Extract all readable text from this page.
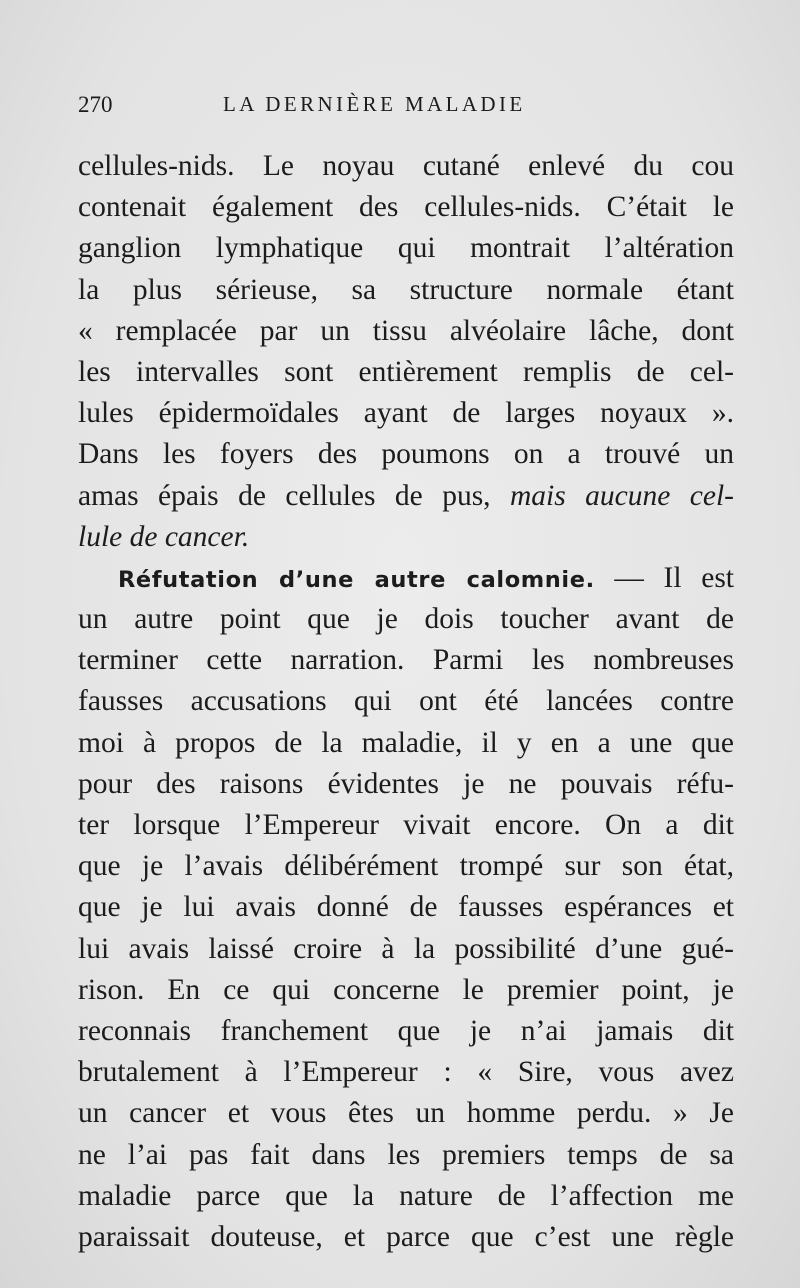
270	LA DERNIÈRE MALADIE
cellules-nids. Le noyau cutané enlevé du cou
contenait également des cellules-nids. C’était le
ganglion lymphatique qui montrait l’altération
la plus sérieuse, sa structure normale étant
« remplacée par un tissu alvéolaire lâche, dont
les intervalles sont entièrement remplis de cel-
lules épidermoïdales ayant de larges noyaux ».
Dans les foyers des poumons on a trouvé un
amas épais de cellules de pus, mais aucune cel-
lule de cancer.
Réfutation d’une autre calomnie. — Il est
un autre point que je dois toucher avant de
terminer cette narration. Parmi les nombreuses
fausses accusations qui ont été lancées contre
moi à propos de la maladie, il y en a une que
pour des raisons évidentes je ne pouvais réfu-
ter lorsque l’Empereur vivait encore. On a dit
que je l’avais délibérément trompé sur son état,
que je lui avais donné de fausses espérances et
lui avais laissé croire à la possibilité d’une gué-
rison. En ce qui concerne le premier point, je
reconnais franchement que je n’ai jamais dit
brutalement à l’Empereur : « Sire, vous avez
un cancer et vous êtes un homme perdu. » Je
ne l’ai pas fait dans les premiers temps de sa
maladie parce que la nature de l’affection me
paraissait douteuse, et parce que c’est une règle
